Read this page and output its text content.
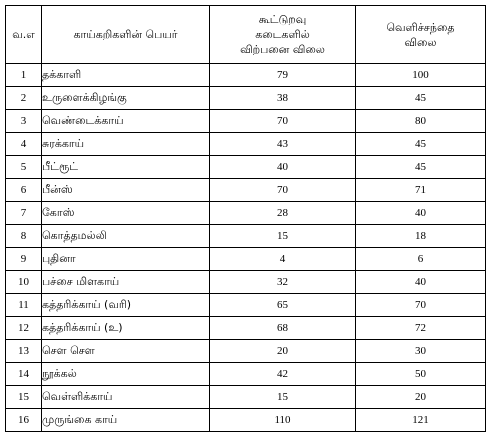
வ.எ	காய்கறிகளின் பெயர்	கூட்டுறவு
கடைகளில்
விற்பனை விலை	வெளிச்சந்தை
விலை

1	தக்காளி	79	100
2	உருளைக்கிழங்கு	38	45
3	வெண்டைக்காய்	70	80
4	சுரக்காய்	43	45
5	பீட்ரூட்	40	45
6	பீன்ஸ்	70	71
7	கோஸ்	28	40
8	கொத்தமல்லி	15	18
9	புதினா	4	6
10	பச்சை மிளகாய்	32	40
11	கத்தரிக்காய் (வரி)	65	70
12	கத்தரிக்காய் (உ)	68	72
13	சௌ சௌ	20	30
14	நூக்கல்	42	50
15	வெள்ளிக்காய்	15	20
16	முருங்கை காய்	110	121
